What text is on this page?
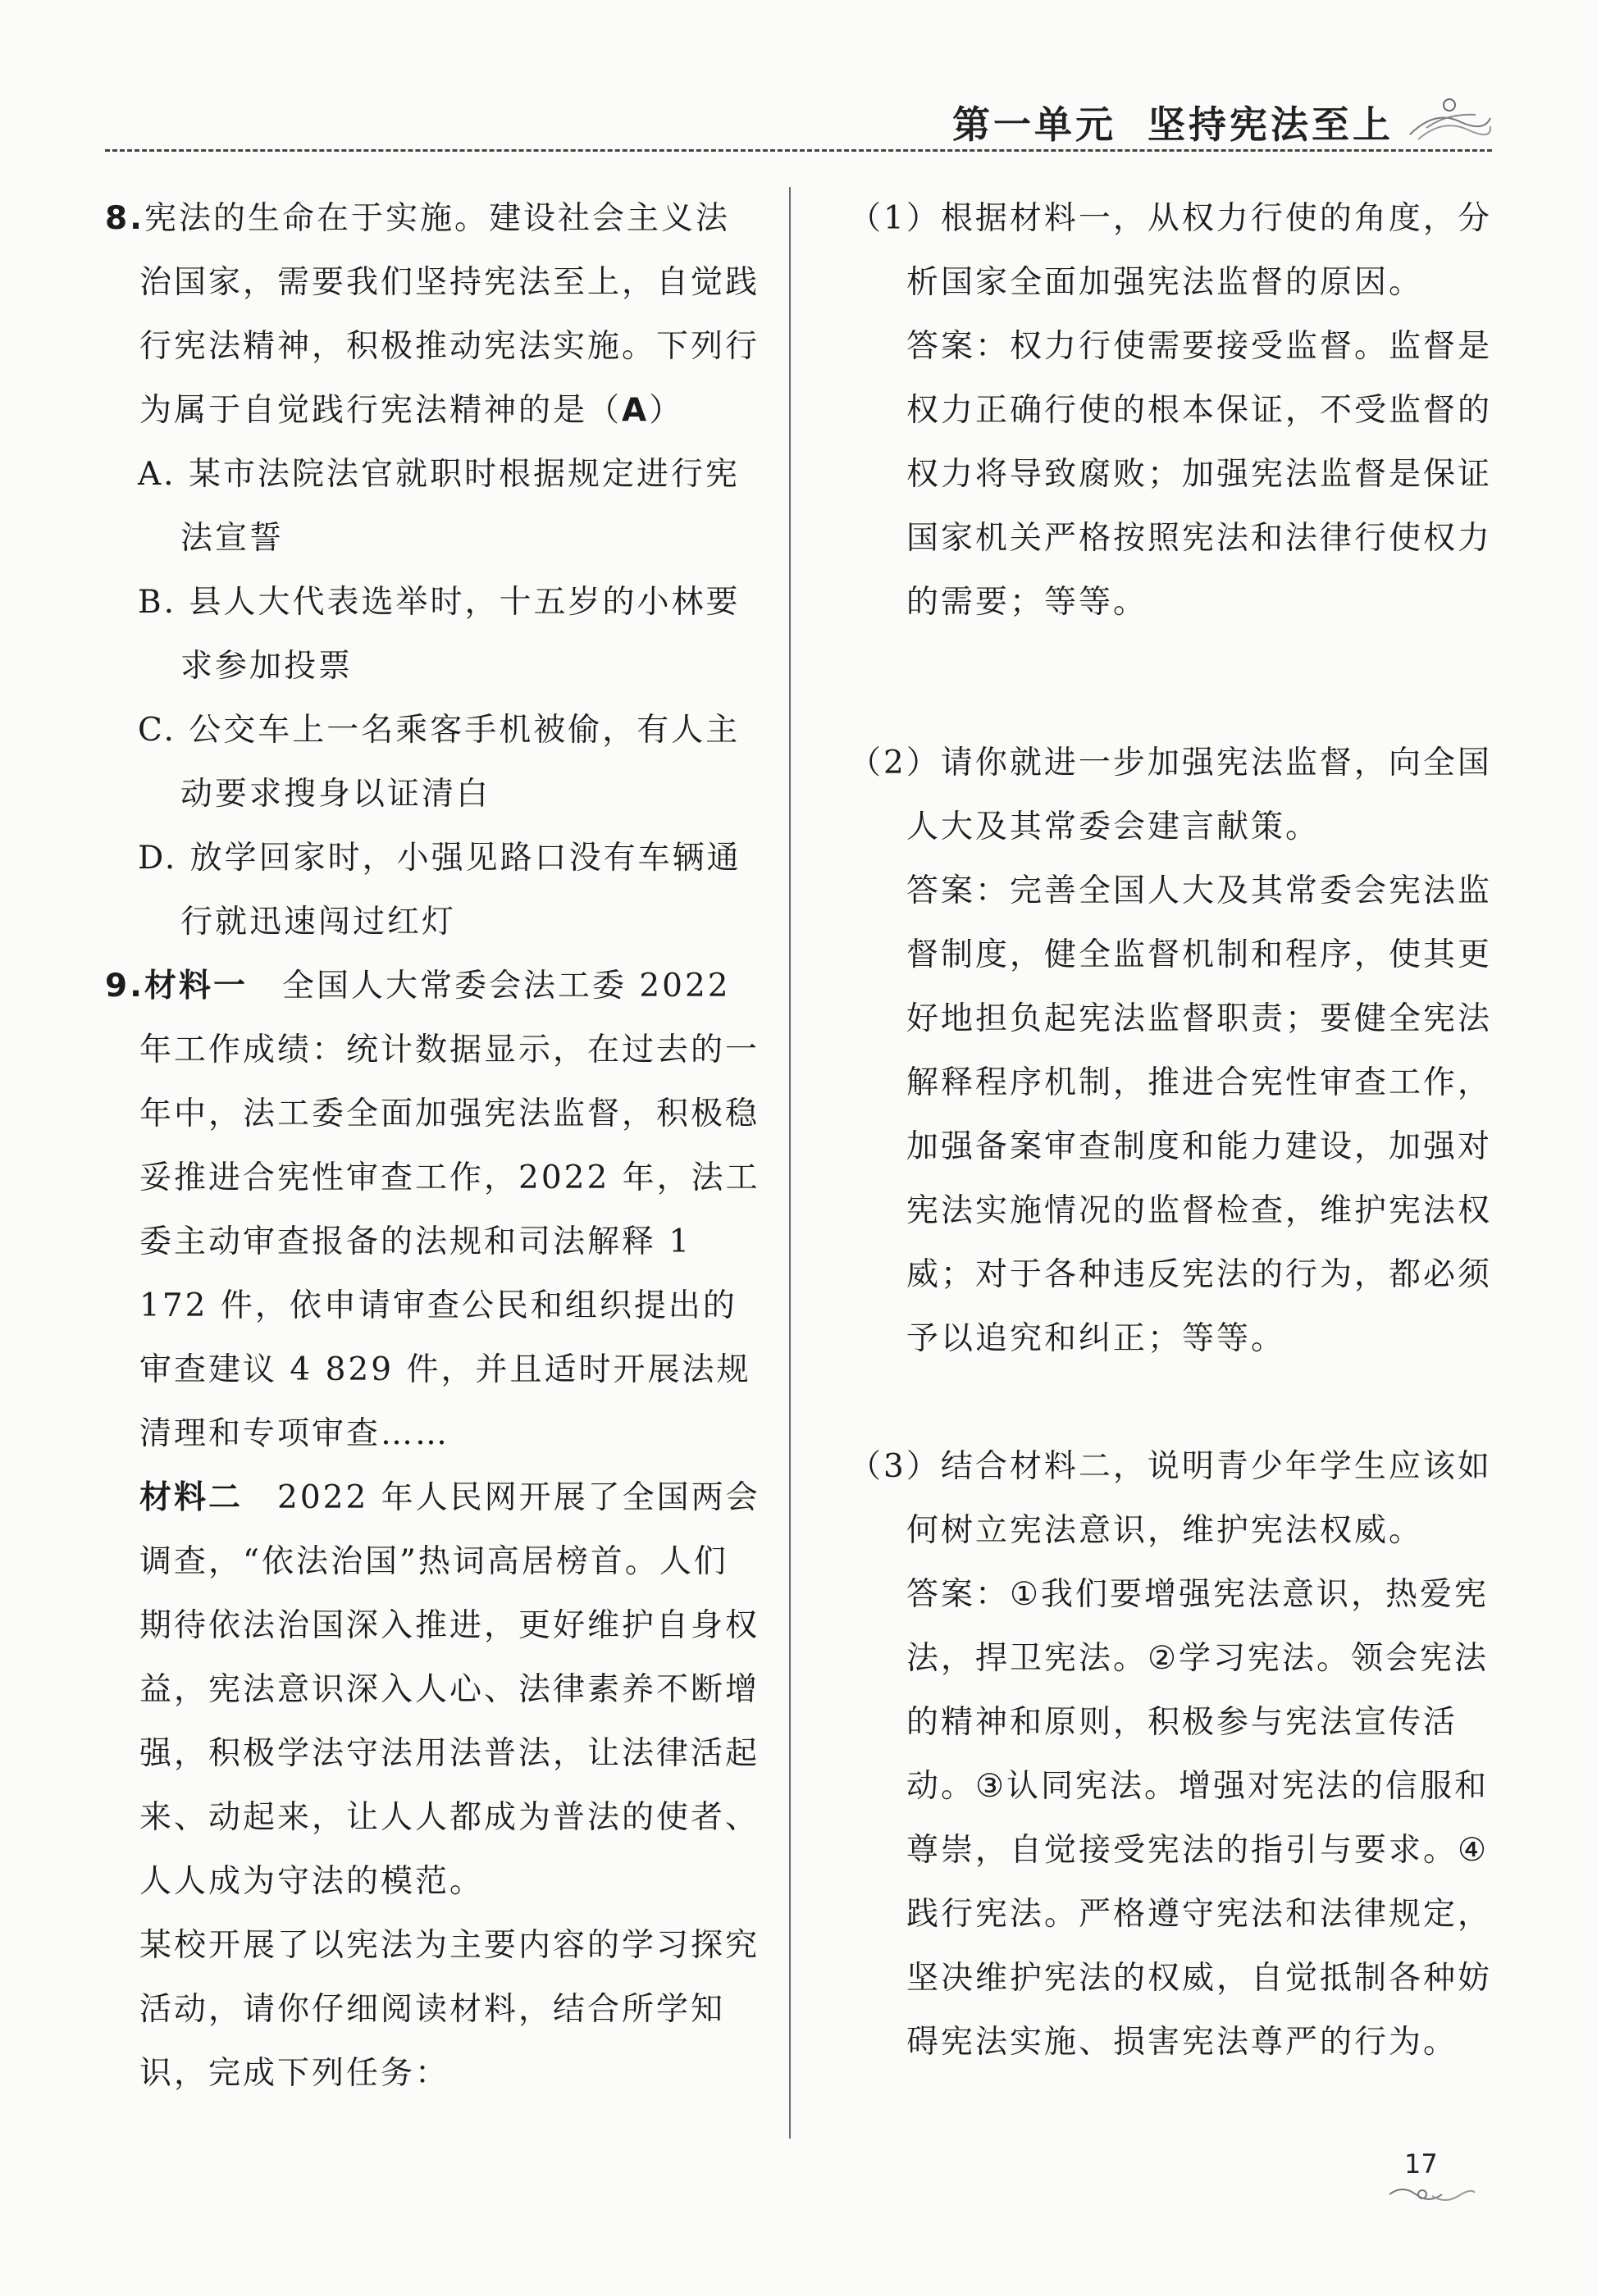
第一单元 坚持宪法至上

8.宪法的生命在于实施。建设社会主义法治国家，需要我们坚持宪法至上，自觉践行宪法精神，积极推动宪法实施。下列行为属于自觉践行宪法精神的是（A）

A. 某市法院法官就职时根据规定进行宪法宣誓

B. 县人大代表选举时，十五岁的小林要求参加投票

C. 公交车上一名乘客手机被偷，有人主动要求搜身以证清白

D. 放学回家时，小强见路口没有车辆通行就迅速闯过红灯

9.材料一　全国人大常委会法工委 2022 年工作成绩：统计数据显示，在过去的一年中，法工委全面加强宪法监督，积极稳妥推进合宪性审查工作，2022 年，法工委主动审查报备的法规和司法解释 1 172 件，依申请审查公民和组织提出的审查建议 4 829 件，并且适时开展法规清理和专项审查……

材料二　2022 年人民网开展了全国两会调查，“依法治国”热词高居榜首。人们期待依法治国深入推进，更好维护自身权益，宪法意识深入人心、法律素养不断增强，积极学法守法用法普法，让法律活起来、动起来，让人人都成为普法的使者、人人成为守法的模范。

某校开展了以宪法为主要内容的学习探究活动，请你仔细阅读材料，结合所学知识，完成下列任务：

（1）根据材料一，从权力行使的角度，分析国家全面加强宪法监督的原因。

答案：权力行使需要接受监督。监督是权力正确行使的根本保证，不受监督的权力将导致腐败；加强宪法监督是保证国家机关严格按照宪法和法律行使权力的需要；等等。

（2）请你就进一步加强宪法监督，向全国人大及其常委会建言献策。

答案：完善全国人大及其常委会宪法监督制度，健全监督机制和程序，使其更好地担负起宪法监督职责；要健全宪法解释程序机制，推进合宪性审查工作，加强备案审查制度和能力建设，加强对宪法实施情况的监督检查，维护宪法权威；对于各种违反宪法的行为，都必须予以追究和纠正；等等。

（3）结合材料二，说明青少年学生应该如何树立宪法意识，维护宪法权威。

答案：①我们要增强宪法意识，热爱宪法，捍卫宪法。②学习宪法。领会宪法的精神和原则，积极参与宪法宣传活动。③认同宪法。增强对宪法的信服和尊崇，自觉接受宪法的指引与要求。④践行宪法。严格遵守宪法和法律规定，坚决维护宪法的权威，自觉抵制各种妨碍宪法实施、损害宪法尊严的行为。

17
